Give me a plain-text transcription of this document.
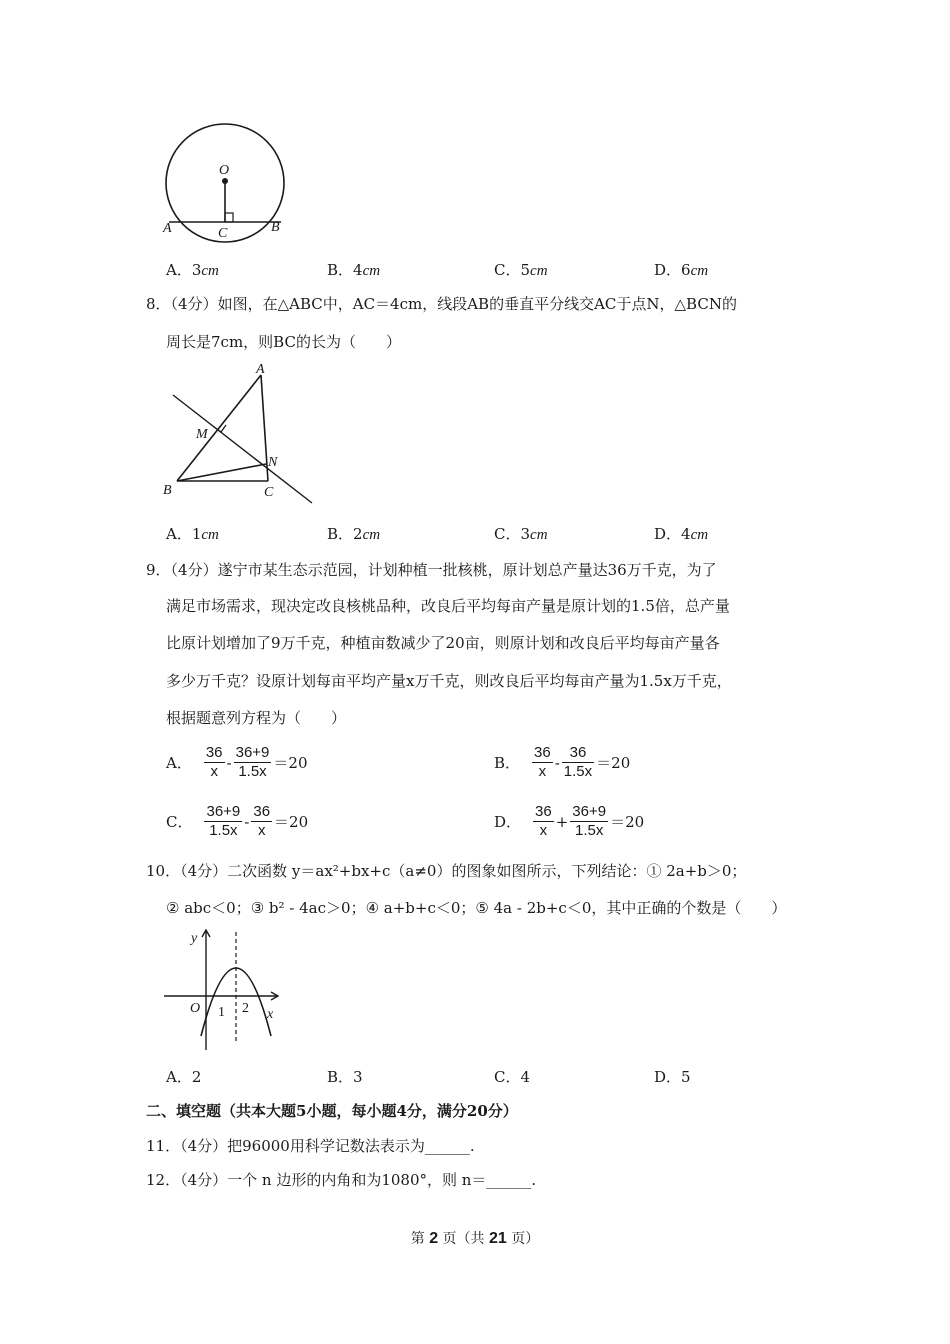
O
A	C	B
A．3cm	B．4cm	C．5cm	D．6cm
8．（4分）如图，在△ABC中，AC＝4cm，线段AB的垂直平分线交AC于点N，△BCN的
周长是7cm，则BC的长为（　　）
A
M
N
B	C
A．1cm	B．2cm	C．3cm	D．4cm
9．（4分）遂宁市某生态示范园，计划种植一批核桃，原计划总产量达36万千克，为了
满足市场需求，现决定改良核桃品种，改良后平均每亩产量是原计划的1.5倍，总产量
比原计划增加了9万千克，种植亩数减少了20亩，则原计划和改良后平均每亩产量各
多少万千克？设原计划每亩平均产量x万千克，则改良后平均每亩产量为1.5x万千克，
根据题意列方程为（　　）
A． $\frac{36}{x} - \frac{36+9}{1.5x} =20$	B． $\frac{36}{x} - \frac{36}{1.5x} =20$
C． $\frac{36+9}{1.5x} - \frac{36}{x} =20$	D． $\frac{36}{x} + \frac{36+9}{1.5x} =20$
10．（4分）二次函数 y＝ax²+bx+c（a≠0）的图象如图所示，下列结论：① 2a+b＞0；
② abc＜0；③ b² - 4ac＞0；④ a+b+c＜0；⑤ 4a - 2b+c＜0，其中正确的个数是（　　）
y
x
O 1 2
A．2	B．3	C．4	D．5
二、填空题（共本大题5小题，每小题4分，满分20分）
11．（4分）把96000用科学记数法表示为______.
12．（4分）一个 n 边形的内角和为1080°，则 n＝______.
第 2 页（共 21 页）
